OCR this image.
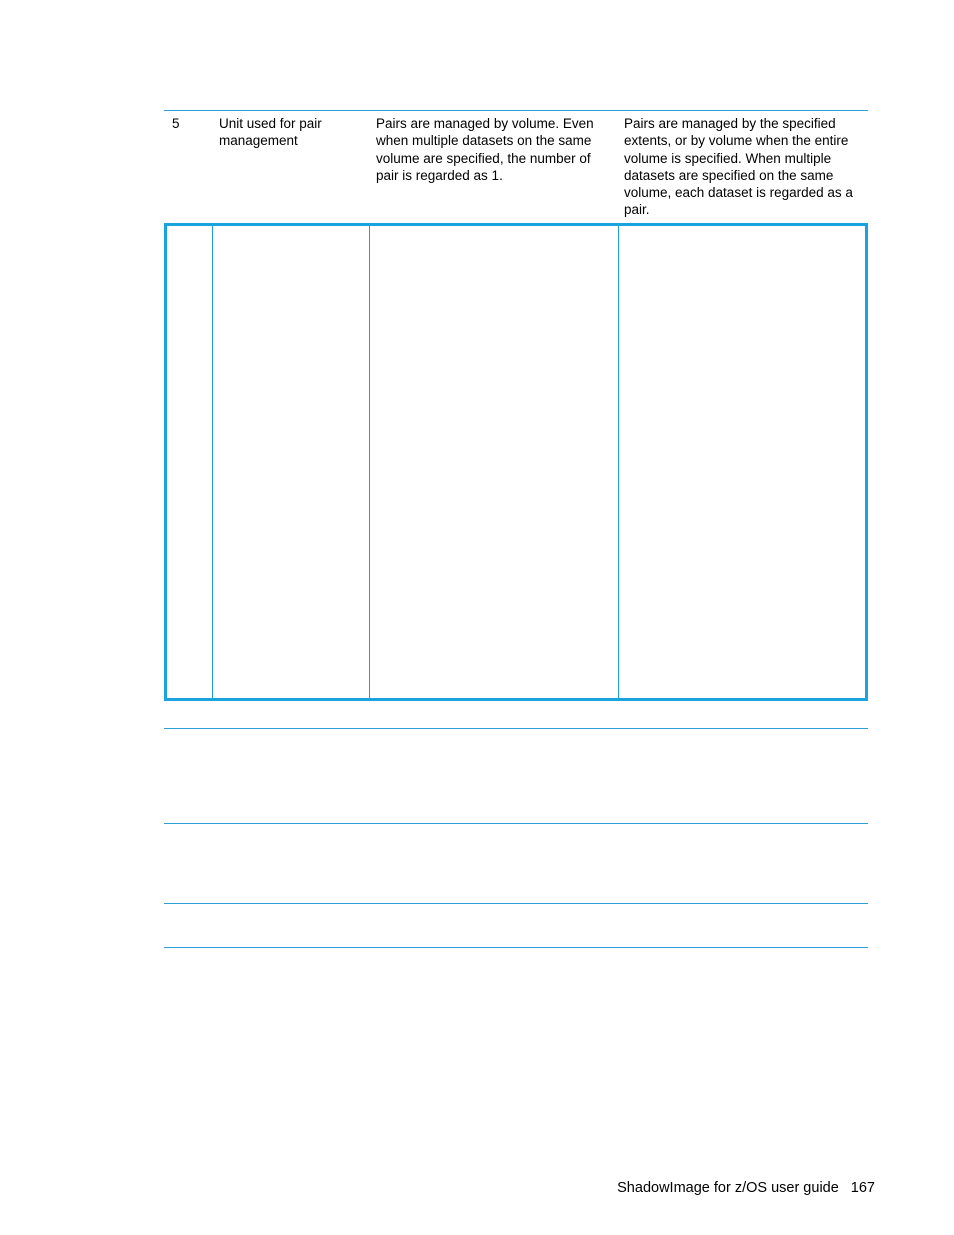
5	Unit used for pair
management
Pairs are managed by volume. Even
when multiple datasets on the same
volume are specified, the number of
pair is regarded as 1.
Pairs are managed by the specified
extents, or by volume when the entire
volume is specified. When multiple
datasets are specified on the same
volume, each dataset is regarded as a
pair.
ShadowImage for z/OS user guide 167
